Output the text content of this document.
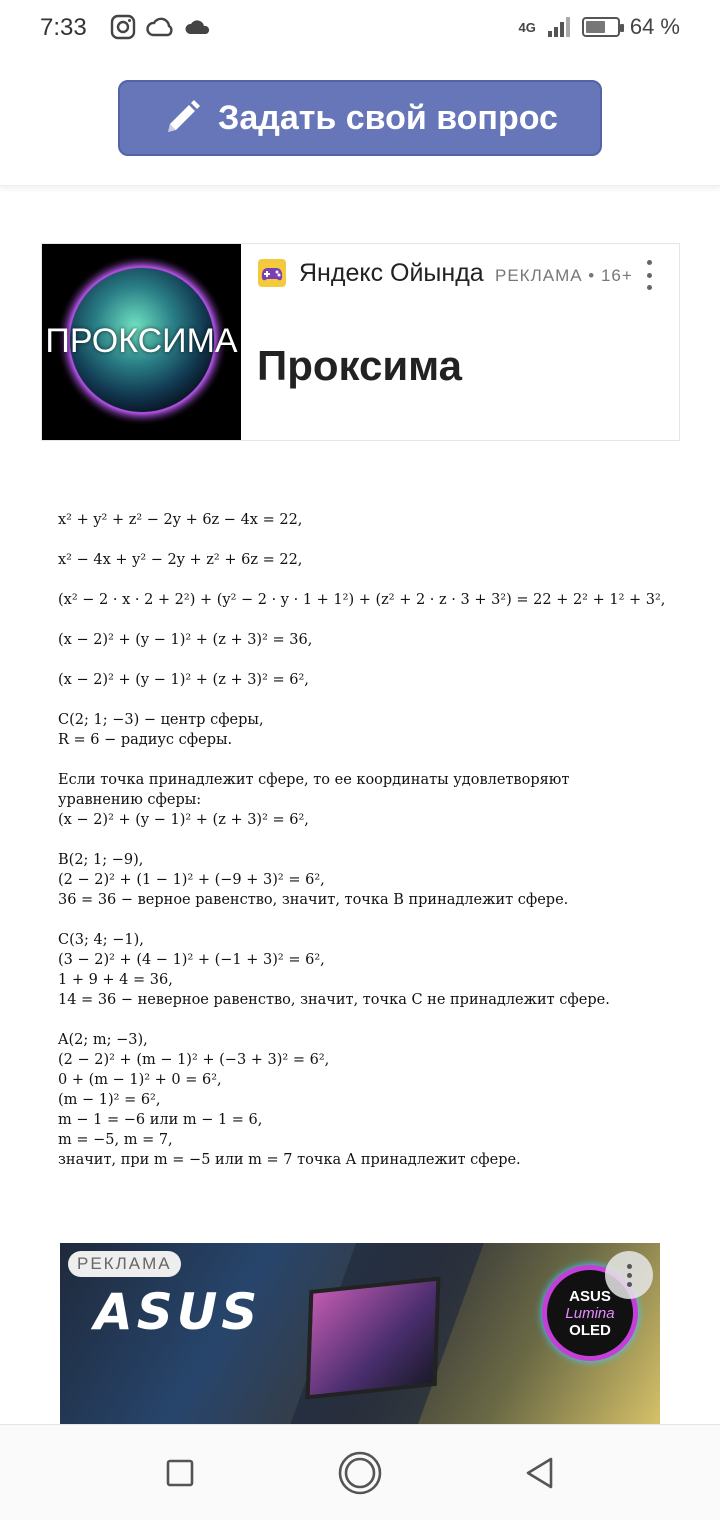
7:33	4G	64 %
Задать свой вопрос
ПРОКСИМА
Яндекс Ойында РЕКЛАМА • 16+
Проксима
x² + y² + z² − 2y + 6z − 4x = 22,
x² − 4x + y² − 2y + z² + 6z = 22,
(x² − 2 · x · 2 + 2²) + (y² − 2 · y · 1 + 1²) + (z² + 2 · z · 3 + 3²) = 22 + 2² + 1² + 3²,
(x − 2)² + (y − 1)² + (z + 3)² = 36,
(x − 2)² + (y − 1)² + (z + 3)² = 6²,
C(2; 1; −3) − центр сферы,
R = 6 − радиус сферы.
Если точка принадлежит сфере, то ее координаты удовлетворяют
уравнению сферы:
(x − 2)² + (y − 1)² + (z + 3)² = 6²,
B(2; 1; −9),
(2 − 2)² + (1 − 1)² + (−9 + 3)² = 6²,
36 = 36 − верное равенство, значит, точка B принадлежит сфере.
C(3; 4; −1),
(3 − 2)² + (4 − 1)² + (−1 + 3)² = 6²,
1 + 9 + 4 = 36,
14 = 36 − неверное равенство, значит, точка C не принадлежит сфере.
A(2; m; −3),
(2 − 2)² + (m − 1)² + (−3 + 3)² = 6²,
0 + (m − 1)² + 0 = 6²,
(m − 1)² = 6²,
m − 1 = −6 или m − 1 = 6,
m = −5, m = 7,
значит, при m = −5 или m = 7 точка A принадлежит сфере.
ASUS	ASUS
Lumina
OLED
РЕКЛАМА
